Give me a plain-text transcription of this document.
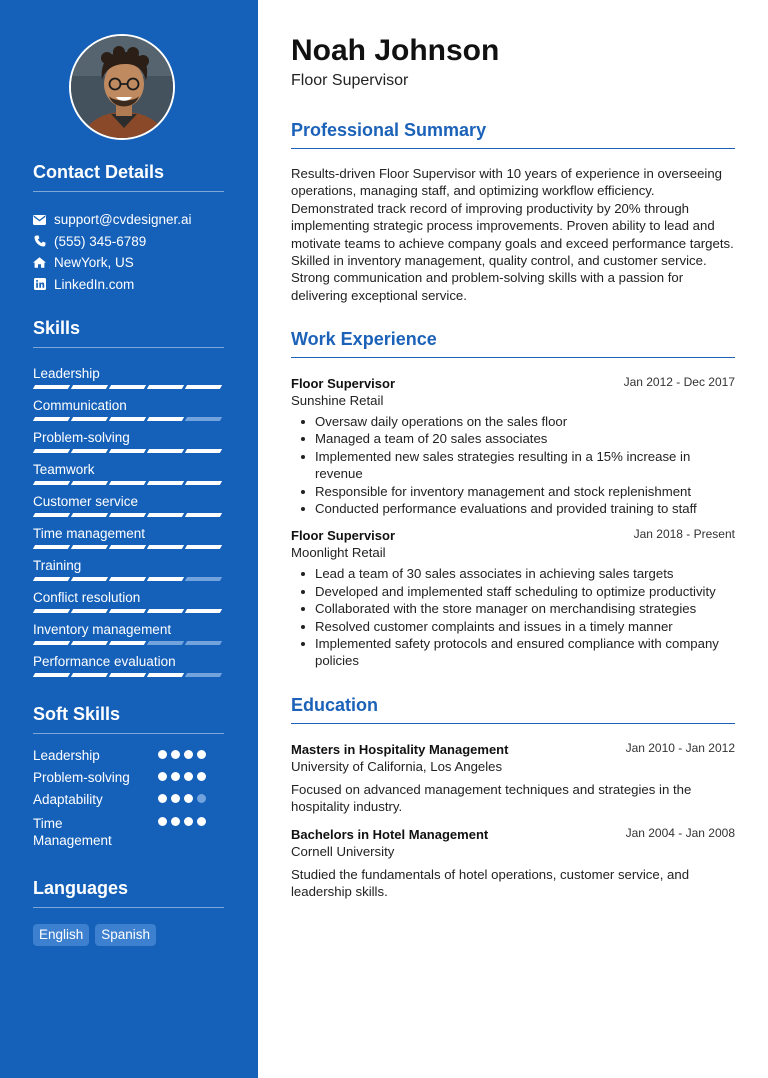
Contact Details
support@cvdesigner.ai
(555) 345-6789
NewYork, US
LinkedIn.com
Skills
Leadership
Communication
Problem-solving
Teamwork
Customer service
Time management
Training
Conflict resolution
Inventory management
Performance evaluation
Soft Skills
Leadership
Problem-solving
Adaptability
Time Management
Languages
English	Spanish
Noah Johnson
Floor Supervisor
Professional Summary

Results-driven Floor Supervisor with 10 years of experience in overseeing operations, managing staff, and optimizing workflow efficiency. Demonstrated track record of improving productivity by 20% through implementing strategic process improvements. Proven ability to lead and motivate teams to achieve company goals and exceed performance targets. Skilled in inventory management, quality control, and customer service. Strong communication and problem-solving skills with a passion for delivering exceptional service.

Work Experience
Floor Supervisor	Jan 2012 - Dec 2017
Sunshine Retail
Oversaw daily operations on the sales floor
Managed a team of 20 sales associates
Implemented new sales strategies resulting in a 15% increase in revenue
Responsible for inventory management and stock replenishment
Conducted performance evaluations and provided training to staff
Floor Supervisor	Jan 2018 - Present
Moonlight Retail
Lead a team of 30 sales associates in achieving sales targets
Developed and implemented staff scheduling to optimize productivity
Collaborated with the store manager on merchandising strategies
Resolved customer complaints and issues in a timely manner
Implemented safety protocols and ensured compliance with company policies
Education
Masters in Hospitality Management	Jan 2010 - Jan 2012
University of California, Los Angeles

Focused on advanced management techniques and strategies in the hospitality industry.

Bachelors in Hotel Management	Jan 2004 - Jan 2008
Cornell University

Studied the fundamentals of hotel operations, customer service, and leadership skills.
